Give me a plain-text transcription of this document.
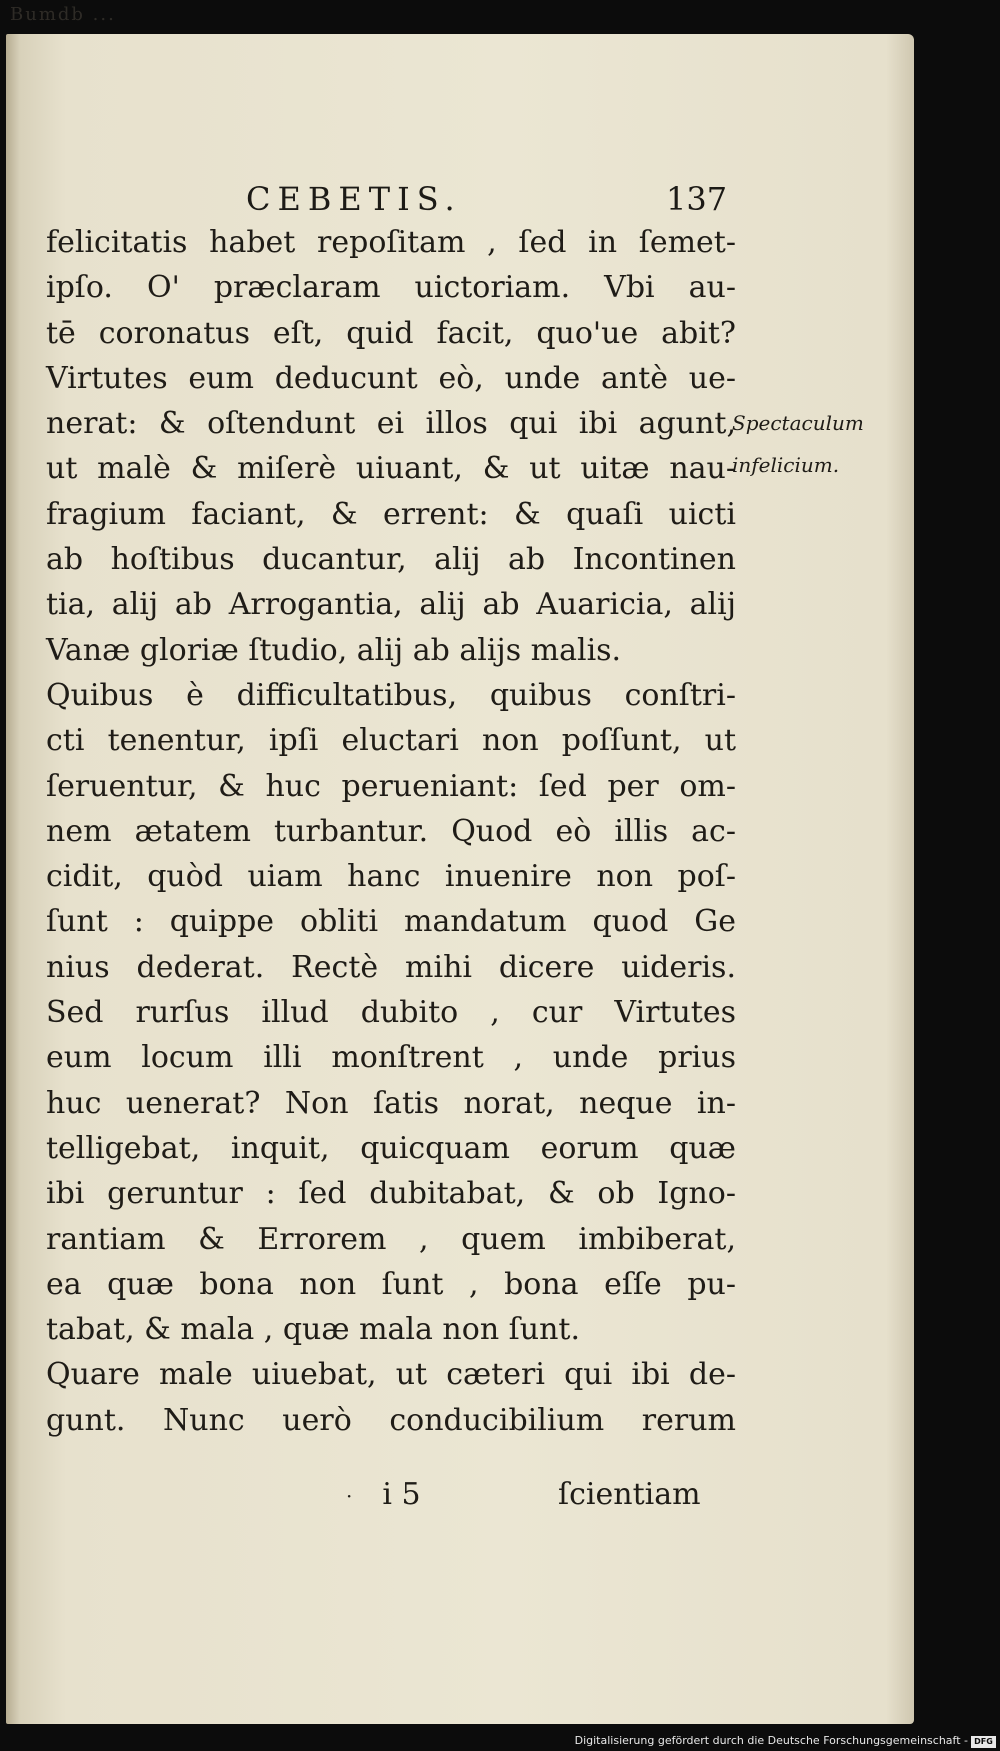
Bumdb ...
CEBETIS.	137
felicitatis habet repoſitam , ſed in ſemet-
ipſo. O' præclaram uictoriam. Vbi au-
tē coronatus eſt, quid facit, quo'ue abit?
Virtutes eum deducunt eò, unde antè ue-
nerat: & oſtendunt ei illos qui ibi agunt,
ut malè & miſerè uiuant, & ut uitæ nau-
fragium faciant, & errent: & quaſi uicti
ab hoſtibus ducantur, alij ab Incontinen
tia, alij ab Arrogantia, alij ab Auaricia, alij
Vanæ gloriæ ſtudio, alij ab alijs malis.
Quibus è difficultatibus, quibus conſtri-
cti tenentur, ipſi eluctari non poſſunt, ut
ſeruentur, & huc perueniant: ſed per om-
nem ætatem turbantur. Quod eò illis ac-
cidit, quòd uiam hanc inuenire non poſ-
ſunt : quippe obliti mandatum quod Ge
nius dederat. Rectè mihi dicere uideris.
Sed rurſus illud dubito , cur Virtutes
eum locum illi monſtrent , unde prius
huc uenerat? Non ſatis norat, neque in-
telligebat, inquit, quicquam eorum quæ
ibi geruntur : ſed dubitabat, & ob Igno-
rantiam & Errorem , quem imbiberat,
ea quæ bona non ſunt , bona eſſe pu-
tabat, & mala , quæ mala non ſunt.
Quare male uiuebat, ut cæteri qui ibi de-
gunt. Nunc uerò conducibilium rerum
Spectaculum
infelicium.
· i 5	ſcientiam
Digitalisierung gefördert durch die Deutsche Forschungsgemeinschaft - DFG
